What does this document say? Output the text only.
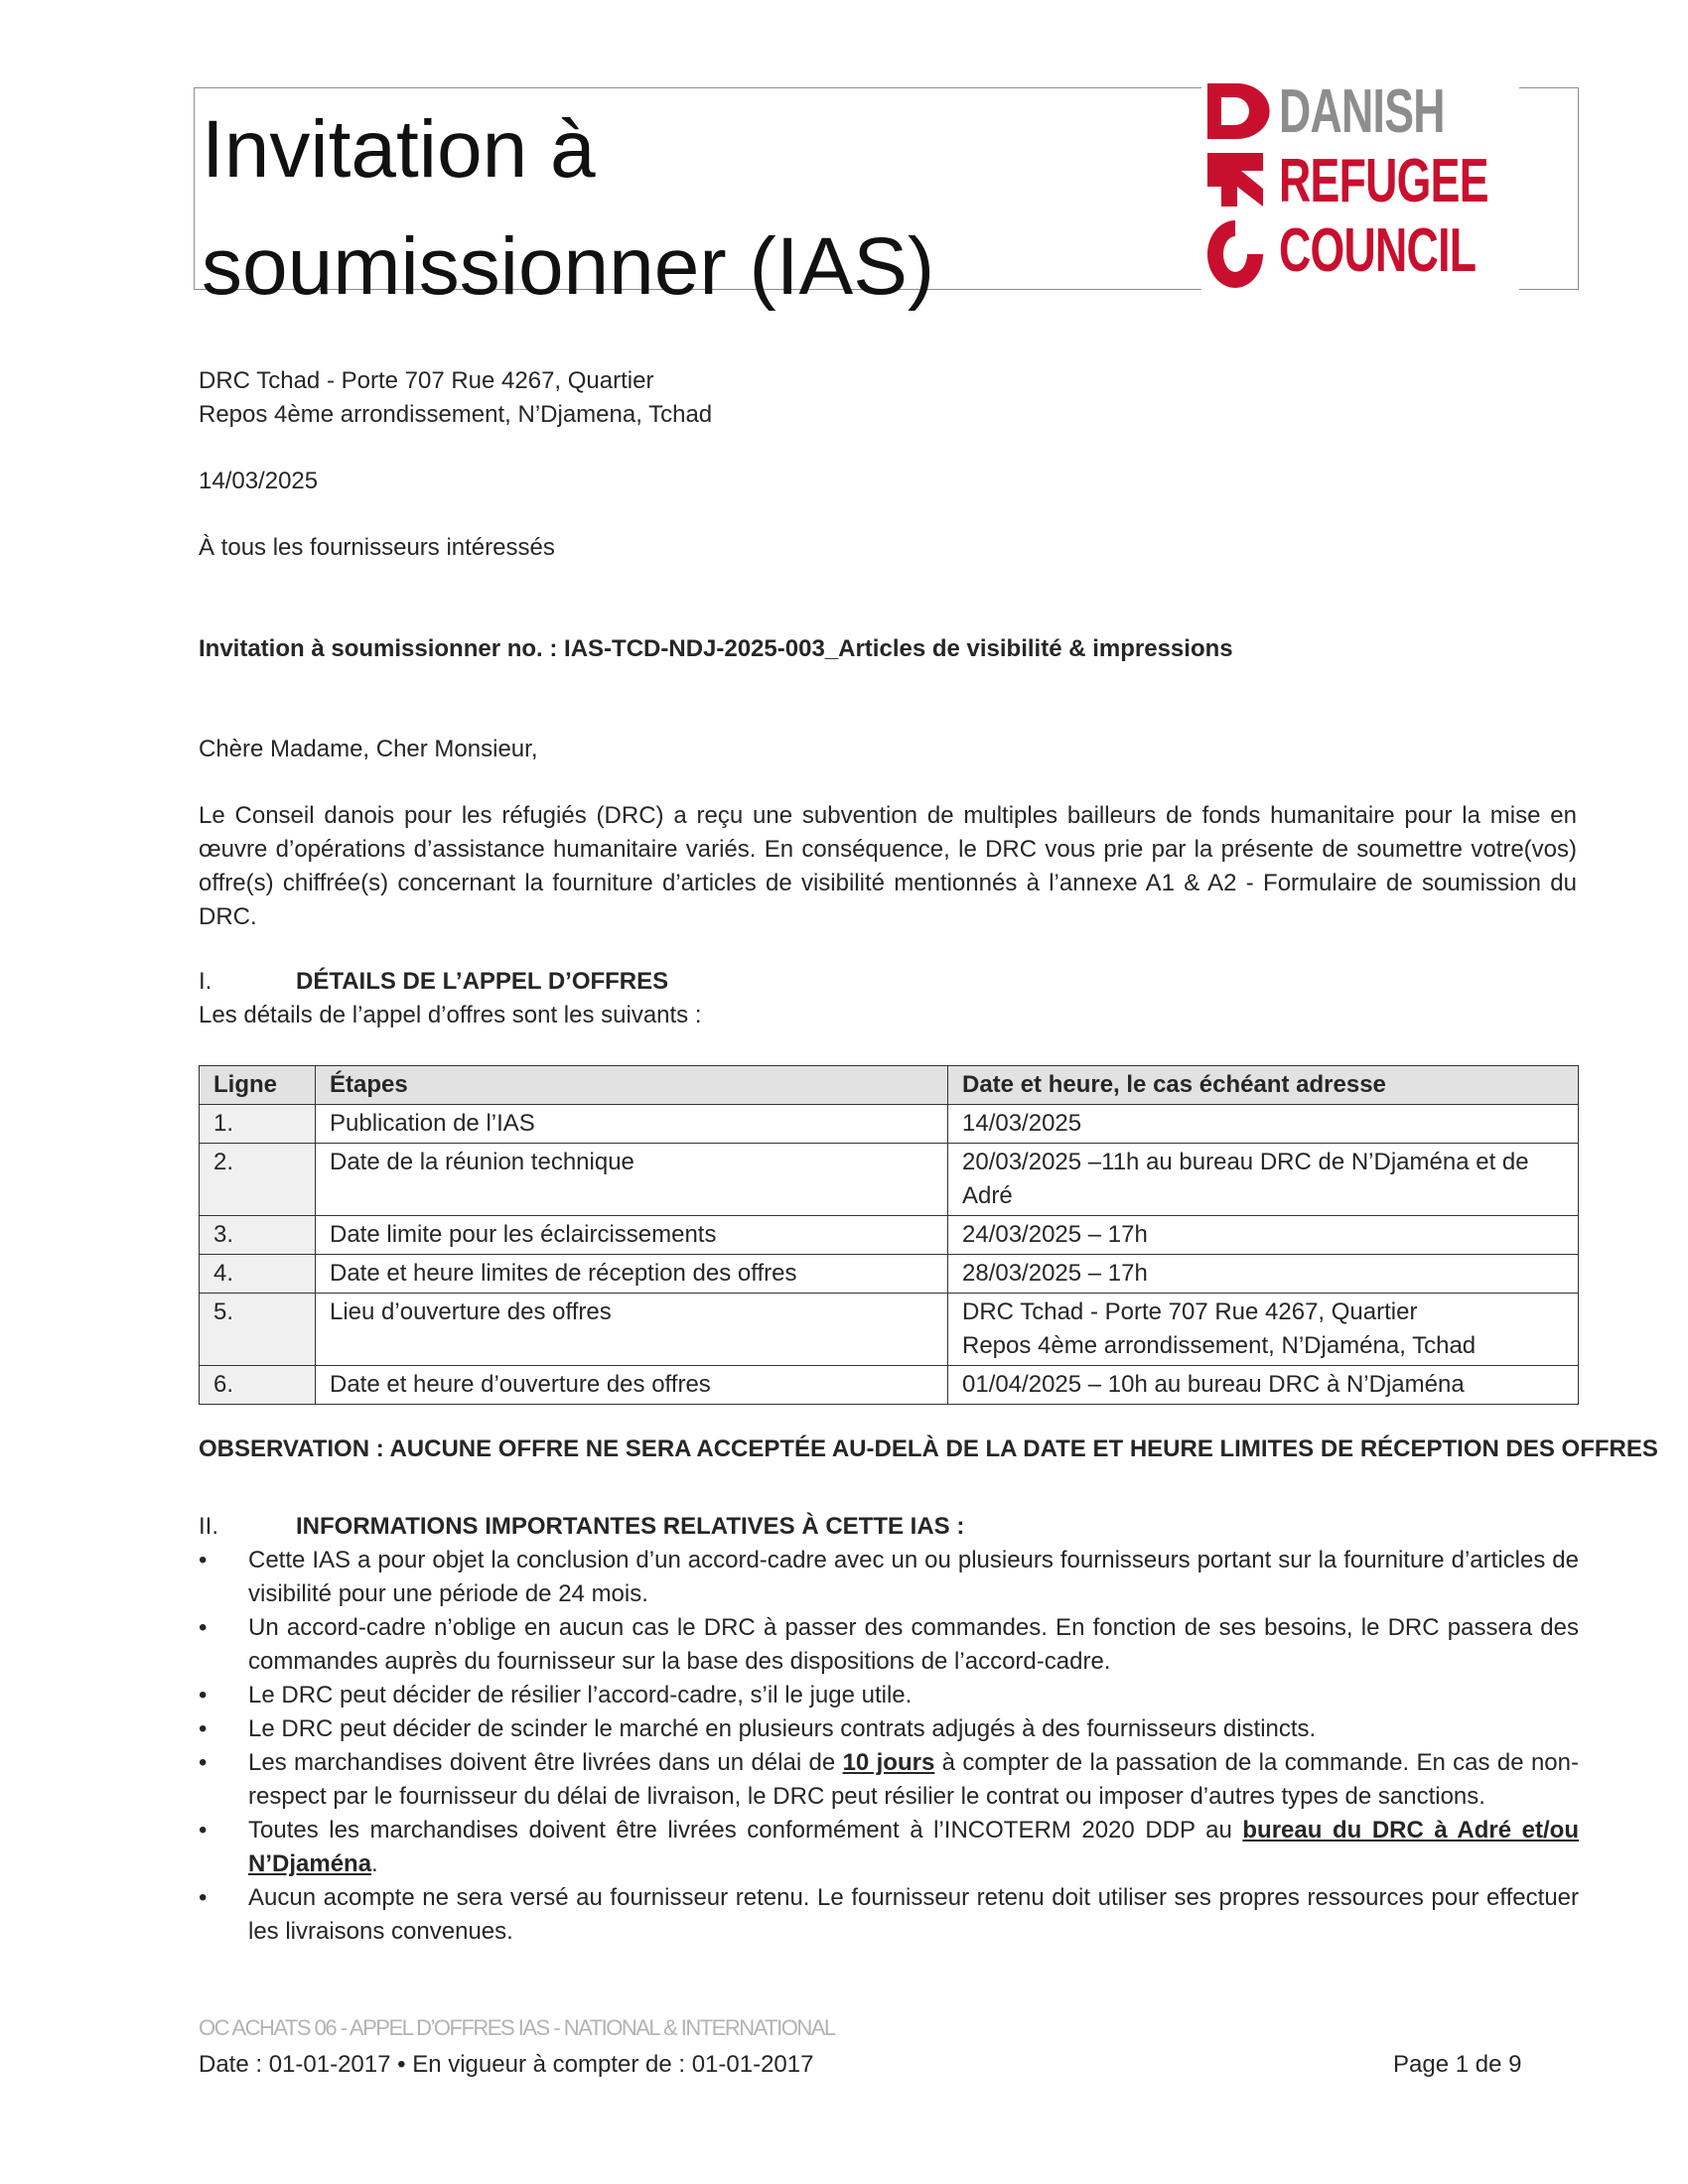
Invitation à
soumissionner (IAS)
DANISH
REFUGEE
COUNCIL
DRC Tchad - Porte 707 Rue 4267, Quartier
Repos 4ème arrondissement, N’Djamena, Tchad
14/03/2025
À tous les fournisseurs intéressés
Invitation à soumissionner no. : IAS-TCD-NDJ-2025-003_Articles de visibilité & impressions
Chère Madame, Cher Monsieur,
Le Conseil danois pour les réfugiés (DRC) a reçu une subvention de multiples bailleurs de fonds humanitaire pour la mise en œuvre d’opérations d’assistance humanitaire variés. En conséquence, le DRC vous prie par la présente de soumettre votre(vos) offre(s) chiffrée(s) concernant la fourniture d’articles de visibilité mentionnés à l’annexe A1 & A2 - Formulaire de soumission du DRC.
I.	DÉTAILS DE L’APPEL D’OFFRES
Les détails de l’appel d’offres sont les suivants :
Ligne	Étapes	Date et heure, le cas échéant adresse
1.	Publication de l’IAS	14/03/2025
2.	Date de la réunion technique	20/03/2025 –11h au bureau DRC de N’Djaména et de Adré
3.	Date limite pour les éclaircissements	24/03/2025 – 17h
4.	Date et heure limites de réception des offres	28/03/2025 – 17h
5.	Lieu d’ouverture des offres	DRC Tchad - Porte 707 Rue 4267, Quartier
Repos 4ème arrondissement, N’Djaména, Tchad

6.	Date et heure d’ouverture des offres	01/04/2025 – 10h au bureau DRC à N’Djaména
OBSERVATION : AUCUNE OFFRE NE SERA ACCEPTÉE AU-DELÀ DE LA DATE ET HEURE LIMITES DE RÉCEPTION DES OFFRES
II.	INFORMATIONS IMPORTANTES RELATIVES À CETTE IAS :
• Cette IAS a pour objet la conclusion d’un accord-cadre avec un ou plusieurs fournisseurs portant sur la fourniture d’articles de visibilité pour une période de 24 mois.
• Un accord-cadre n’oblige en aucun cas le DRC à passer des commandes. En fonction de ses besoins, le DRC passera des commandes auprès du fournisseur sur la base des dispositions de l’accord-cadre.
• Le DRC peut décider de résilier l’accord-cadre, s’il le juge utile.
• Le DRC peut décider de scinder le marché en plusieurs contrats adjugés à des fournisseurs distincts.
• Les marchandises doivent être livrées dans un délai de 10 jours à compter de la passation de la commande. En cas de non-respect par le fournisseur du délai de livraison, le DRC peut résilier le contrat ou imposer d’autres types de sanctions.
• Toutes les marchandises doivent être livrées conformément à l’INCOTERM 2020 DDP au bureau du DRC à Adré et/ou N’Djaména.
• Aucun acompte ne sera versé au fournisseur retenu. Le fournisseur retenu doit utiliser ses propres ressources pour effectuer les livraisons convenues.
OC ACHATS 06 - APPEL D’OFFRES IAS - NATIONAL & INTERNATIONAL
Date : 01-01-2017 • En vigueur à compter de : 01-01-2017	Page 1 de 9
